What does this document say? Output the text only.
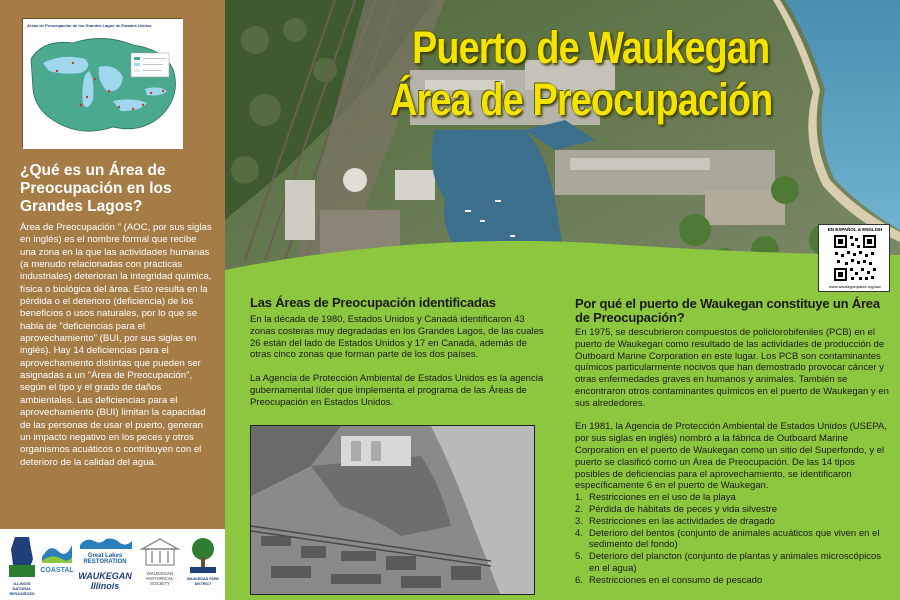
Áreas de Preocupación de los Grandes Lagos de Estados Unidos
¿Qué es un Área de Preocupación en los Grandes Lagos?
Área de Preocupación " (AOC, por sus siglas en inglés) es el nombre formal que recibe una zona en la que las actividades humanas (a menudo relacionadas con prácticas industriales) deterioran la integridad química, física o biológica del área. Esto resulta en la pérdida o el deterioro (deficiencia) de los beneficios o usos naturales, por lo que se habla de "deficiencias para el aprovechamiento" (BUI, por sus siglas en inglés). Hay 14 deficiencias para el aprovechamiento distintas que pueden ser asignadas a un "Área de Preocupación", según el tipo y el grado de daños ambientales. Las deficiencias para el aprovechamiento (BUI) limitan la capacidad de las personas de usar el puerto, generan un impacto negativo en los peces y otros organismos acuáticos o contribuyen con el deterioro de la calidad del agua.
ILLINOIS NATURAL RESOURCES
COASTAL
Great Lakes RESTORATION
WAUKEGAN Illinois
WAUKEGAN HISTORICAL SOCIETY
WAUKEGAN PARK DISTRICT
Puerto de Waukegan
Área de Preocupación
EN ESPAÑOL & ENGLISH
www.waukeganparks.org/aoc
Las Áreas de Preocupación identificadas

En la década de 1980, Estados Unidos y Canadá identificaron 43 zonas costeras muy degradadas en los Grandes Lagos, de las cuales 26 están del lado de Estados Unidos y 17 en Canadá, además de otras cinco zonas que forman parte de los dos países.

La Agencia de Protección Ambiental de Estados Unidos es la agencia gubernamental líder que implementa el programa de las Áreas de Preocupación en Estados Unidos.

Por qué el puerto de Waukegan constituye un Área de Preocupación?

En 1975, se descubrieron compuestos de policlorobifeniles (PCB) en el puerto de Waukegan como resultado de las actividades de producción de Outboard Marine Corporation en este lugar. Los PCB son contaminantes químicos particularmente nocivos que han demostrado provocar cáncer y otras enfermedades graves en humanos y animales. También se encontraron otros contaminantes químicos en el puerto de Waukegan y en sus alrededores.

En 1981, la Agencia de Protección Ambiental de Estados Unidos (USEPA, por sus siglas en inglés) nombró a la fábrica de Outboard Marine Corporation en el puerto de Waukegan como un sitio del Superfondo, y el puerto se clasificó como un Área de Preocupación. De las 14 tipos posibles de deficiencias para el aprovechamiento, se identificaron específicamente 6 en el puerto de Waukegan.

1. Restricciones en el uso de la playa
2. Pérdida de hábitats de peces y vida silvestre
3. Restricciones en las actividades de dragado
4. Deterioro del bentos (conjunto de animales acuáticos que viven en el sedimento del fondo)
5. Deterioro del plancton (conjunto de plantas y animales microscópicos en el agua)
6. Restricciones en el consumo de pescado
